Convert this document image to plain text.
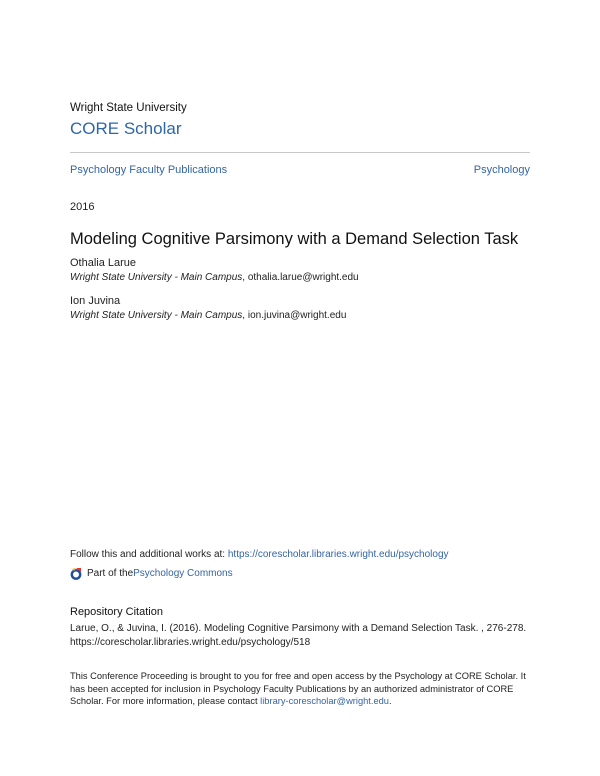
Wright State University
CORE Scholar
Psychology Faculty Publications	Psychology
2016
Modeling Cognitive Parsimony with a Demand Selection Task
Othalia Larue
Wright State University - Main Campus, othalia.larue@wright.edu
Ion Juvina
Wright State University - Main Campus, ion.juvina@wright.edu
Follow this and additional works at: https://corescholar.libraries.wright.edu/psychology
Part of the Psychology Commons
Repository Citation
Larue, O., & Juvina, I. (2016). Modeling Cognitive Parsimony with a Demand Selection Task. , 276-278.
https://corescholar.libraries.wright.edu/psychology/518
This Conference Proceeding is brought to you for free and open access by the Psychology at CORE Scholar. It has been accepted for inclusion in Psychology Faculty Publications by an authorized administrator of CORE Scholar. For more information, please contact library-corescholar@wright.edu.
